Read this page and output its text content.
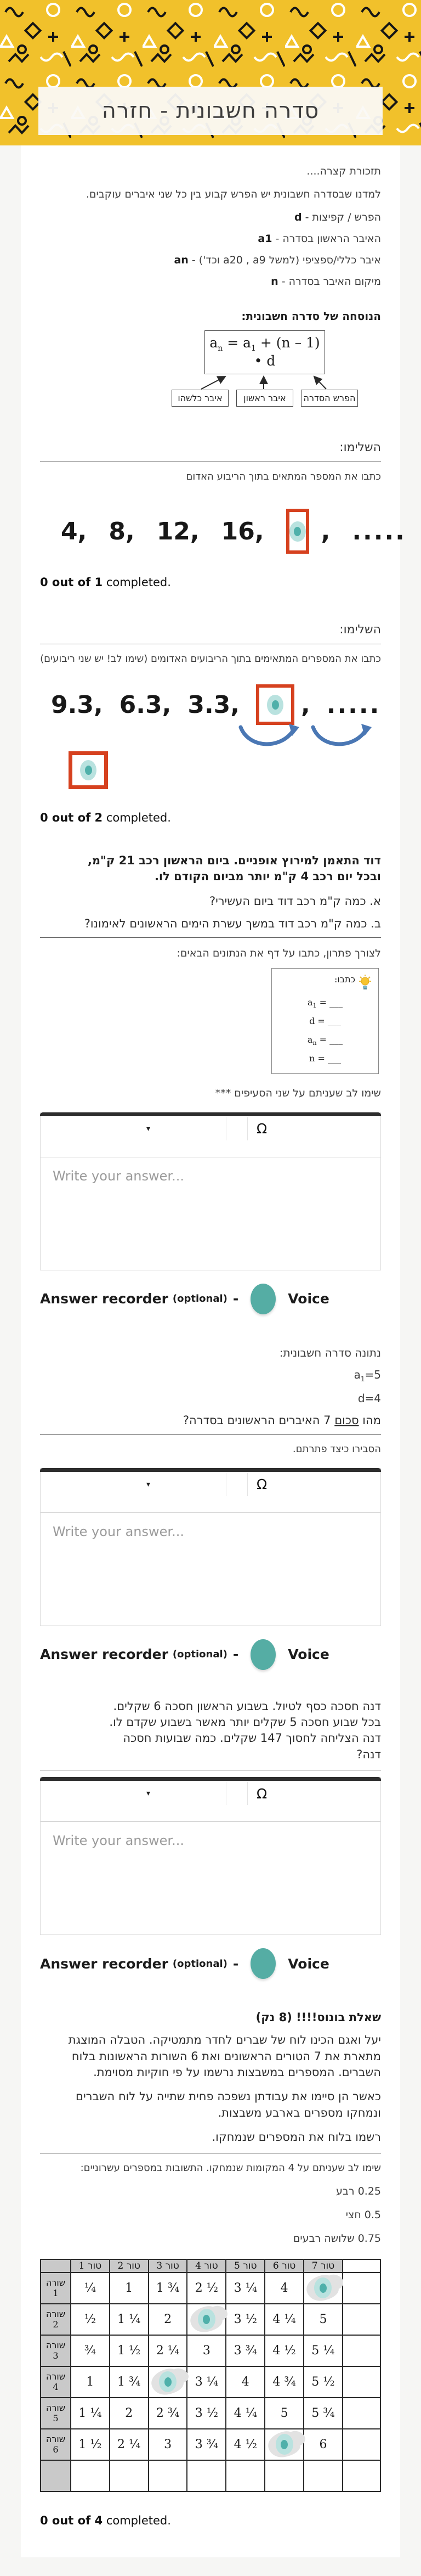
סדרה חשבונית - חזרה

תזכורת קצרה....

למדנו שבסדרה חשבונית יש הפרש קבוע בין כל שני איברים עוקבים.

הפרש / קפיצות - d

האיבר הראשון בסדרה - a1

איבר כללי/ספציפי (למשל a20 , a9 וכד') - an

מיקום האיבר בסדרה - n

הנוסחה של סדרה חשבונית:

$a_n = a_1 + (n - 1)$ • d
איבר כלשהו	איבר ראשון	הפרש הסדרה

השלימו:

כתבו את המספר המתאים בתוך הריבוע האדום

4, 8, 12, 16, , .....

0 out of 1 completed.

השלימו:

כתבו את המספרים המתאימים בתוך הריבועים האדומים (שימו לב! יש שני ריבועים)

9.3, 6.3, 3.3,	, .....

0 out of 2 completed.

דוד התאמן למירוץ אופניים. ביום הראשון רכב 21 ק"מ, ובכל יום רכב 4 ק"מ יותר מביום הקודם לו.

א. כמה ק"מ רכב דוד ביום העשירי?

ב. כמה ק"מ רכב דוד במשך עשרת הימים הראשונים לאימונו?

לצורך פתרון, כתבו על דף את הנתונים הבאים:

כתבו:

$a_1$ = ___

d = ___

$a_n$ = ___

n = ___

שימו לב שעניתם על שני הסעיפים ***

▾	Ω
Write your answer...
Answer recorder (optional) -	Voice

נתונה סדרה חשבונית:

$a_1=5$

d=4

מהו סכום 7 האיברים הראשונים בסדרה?

הסבירו כיצד פתרתם.

▾	Ω
Write your answer...
Answer recorder (optional) -	Voice

דנה חסכה כסף לטיול. בשבוע הראשון חסכה 6 שקלים. בכל שבוע חסכה 5 שקלים יותר מאשר בשבוע שקדם לו. דנה הצליחה לחסוך 147 שקלים. כמה שבועות חסכה דנה?

▾	Ω
Write your answer...
Answer recorder (optional) -	Voice

שאלת בונוס!!!! (8 נק)

יעל ואגם הכינו לוח של שברים לחדר מתמטיקה. הטבלה המוצגת מתארת את 7 הטורים הראשונים ואת 6 השורות הראשונות בלוח השברים. המספרים במשבצות נרשמו על פי חוקיות מסוימת.

כאשר הן סיימו את עבודתן נשפכה פחית שתייה על לוח השברים ונמחקו מספרים בארבע משבצות.

רשמו בלוח את המספרים שנמחקו.

שימו לב שעניתם על 4 המקומות שנמחקו. התשובות במספרים עשרוניים:

0.25 רבע

0.5 חצי

0.75 שלושה רבעים

	טור 1	טור 2	טור 3	טור 4	טור 5	טור 6	טור 7	
שורה 1	¼	1	1 ¾	2 ½	3 ¼	4	

שורה 2	½	1 ¼	2		3 ½	4 ¼	5	
שורה 3	¾	1 ½	2 ¼	3	3 ¾	4 ½	5 ¼	
שורה 4	1	1 ¾		3 ¼	4	4 ¾	5 ½	
שורה 5	1 ¼	2	2 ¾	3 ½	4 ¼	5	5 ¾	
שורה 6	1 ½	2 ¼	3	3 ¾	4 ½		6	

0 out of 4 completed.
